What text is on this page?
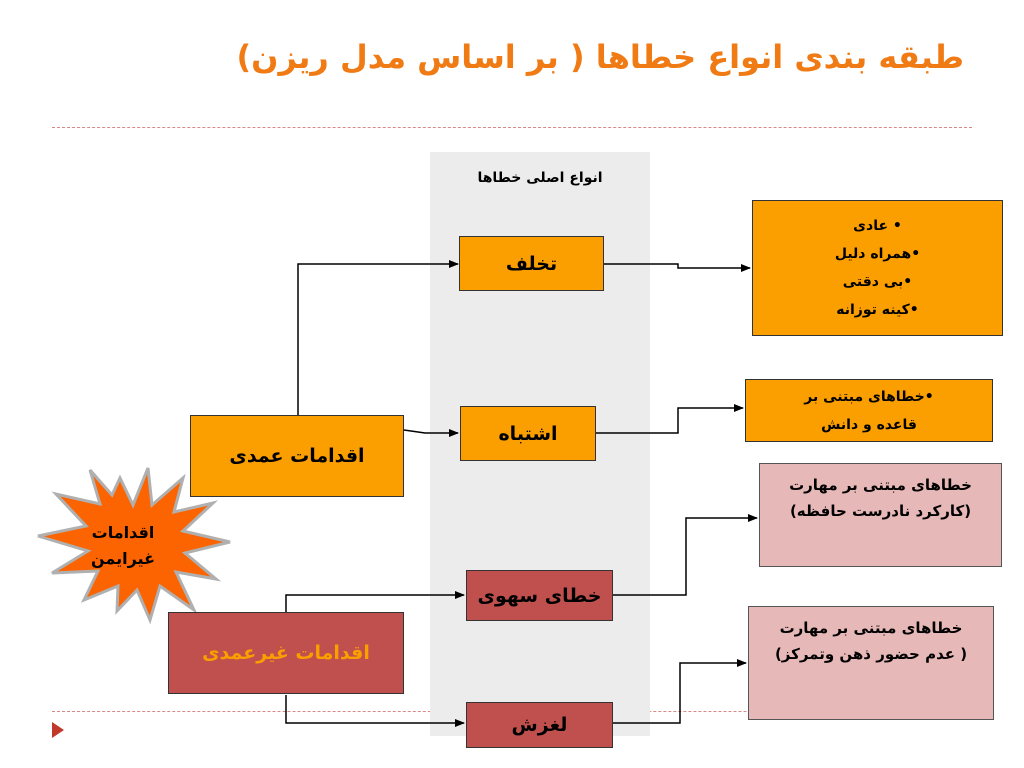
طبقه بندی انواع خطاها ( بر اساس مدل ریزن)
انواع اصلی خطاها
اقدامات
غیرایمن
اقدامات عمدی
اقدامات غیرعمدی
تخلف
اشتباه
خطای سهوی
لغزش
• عادی
•همراه دلیل
•بی دقتی
•کینه توزانه
•خطاهای مبتنی بر
قاعده و دانش
خطاهای مبتنی بر مهارت
(کارکرد نادرست حافظه)
خطاهای مبتنی بر مهارت
( عدم حضور ذهن وتمرکز)
